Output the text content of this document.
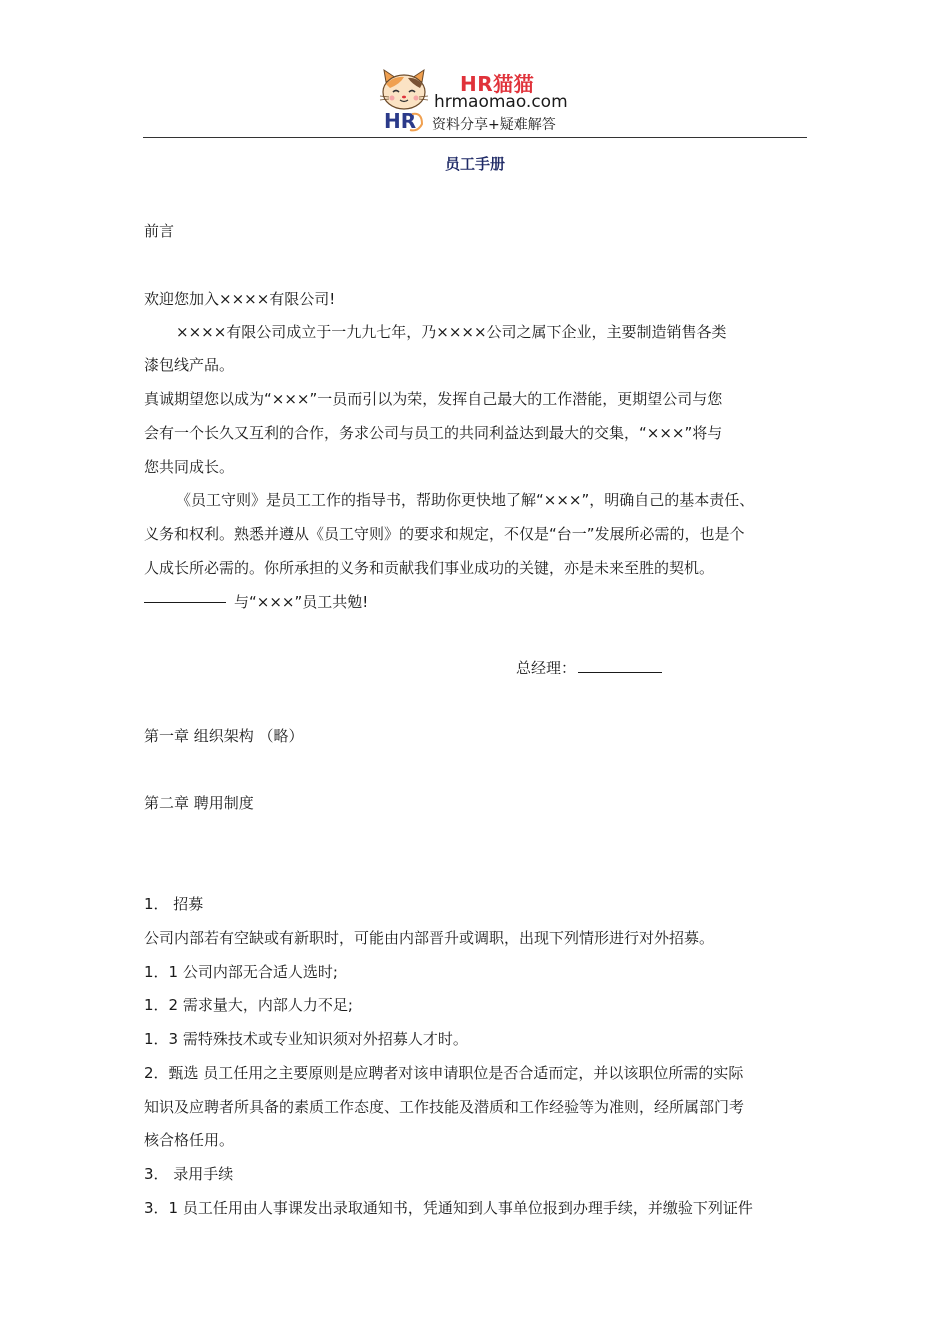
HR
HR猫猫
hrmaomao.com
资料分享+疑难解答
员工手册
前言
欢迎您加入××××有限公司!
××××有限公司成立于一九九七年，乃××××公司之属下企业，主要制造销售各类
漆包线产品。
真诚期望您以成为“×××”一员而引以为荣，发挥自己最大的工作潜能，更期望公司与您
会有一个长久又互利的合作，务求公司与员工的共同利益达到最大的交集，“×××”将与
您共同成长。
《员工守则》是员工工作的指导书，帮助你更快地了解“×××”，明确自己的基本责任、
义务和权利。熟悉并遵从《员工守则》的要求和规定，不仅是“台一”发展所必需的，也是个
人成长所必需的。你所承担的义务和贡献我们事业成功的关键，亦是未来至胜的契机。
与“×××”员工共勉!
总经理：
第一章 组织架构 （略）
第二章 聘用制度
1． 招募
公司内部若有空缺或有新职时，可能由内部晋升或调职，出现下列情形进行对外招募。
1．1 公司内部无合适人选时;
1．2 需求量大，内部人力不足;
1．3 需特殊技术或专业知识须对外招募人才时。
2．甄选 员工任用之主要原则是应聘者对该申请职位是否合适而定，并以该职位所需的实际
知识及应聘者所具备的素质工作态度、工作技能及潜质和工作经验等为准则，经所属部门考
核合格任用。
3． 录用手续
3．1 员工任用由人事课发出录取通知书，凭通知到人事单位报到办理手续，并缴验下列证件
